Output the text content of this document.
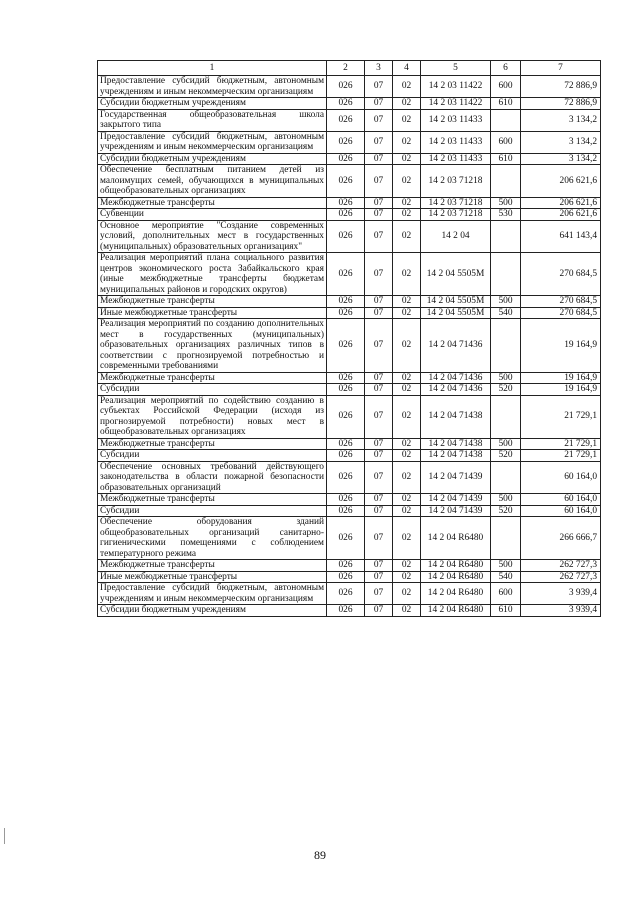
1	2	3	4	5	6	7
Предоставление субсидий бюджетным, автономным учреждениям и иным некоммерческим организациям	026	07	02	14 2 03 11422	600	72 886,9
Субсидии бюджетным учреждениям	026	07	02	14 2 03 11422	610	72 886,9
Государственная общеобразовательная школа закрытого типа	026	07	02	14 2 03 11433		3 134,2
Предоставление субсидий бюджетным, автономным учреждениям и иным некоммерческим организациям	026	07	02	14 2 03 11433	600	3 134,2
Субсидии бюджетным учреждениям	026	07	02	14 2 03 11433	610	3 134,2
Обеспечение бесплатным питанием детей из малоимущих семей, обучающихся в муниципальных общеобразовательных организациях	026	07	02	14 2 03 71218		206 621,6
Межбюджетные трансферты	026	07	02	14 2 03 71218	500	206 621,6
Субвенции	026	07	02	14 2 03 71218	530	206 621,6
Основное мероприятие "Создание современных условий, дополнительных мест в государственных (муниципальных) образовательных организациях"	026	07	02	14 2 04		641 143,4
Реализация мероприятий плана социального развития центров экономического роста Забайкальского края (иные межбюджетные трансферты бюджетам муниципальных районов и городских округов)	026	07	02	14 2 04 5505М		270 684,5
Межбюджетные трансферты	026	07	02	14 2 04 5505М	500	270 684,5
Иные межбюджетные трансферты	026	07	02	14 2 04 5505М	540	270 684,5
Реализация мероприятий по созданию дополнительных мест в государственных (муниципальных) образовательных организациях различных типов в соответствии с прогнозируемой потребностью и современными требованиями	026	07	02	14 2 04 71436		19 164,9
Межбюджетные трансферты	026	07	02	14 2 04 71436	500	19 164,9
Субсидии	026	07	02	14 2 04 71436	520	19 164,9
Реализация мероприятий по содействию созданию в субъектах Российской Федерации (исходя из прогнозируемой потребности) новых мест в общеобразовательных организациях	026	07	02	14 2 04 71438		21 729,1
Межбюджетные трансферты	026	07	02	14 2 04 71438	500	21 729,1
Субсидии	026	07	02	14 2 04 71438	520	21 729,1
Обеспечение основных требований действующего законодательства в области пожарной безопасности образовательных организаций	026	07	02	14 2 04 71439		60 164,0
Межбюджетные трансферты	026	07	02	14 2 04 71439	500	60 164,0
Субсидии	026	07	02	14 2 04 71439	520	60 164,0
Обеспечение оборудования зданий общеобразовательных организаций санитарно-гигиеническими помещениями с соблюдением температурного режима	026	07	02	14 2 04 R6480		266 666,7
Межбюджетные трансферты	026	07	02	14 2 04 R6480	500	262 727,3
Иные межбюджетные трансферты	026	07	02	14 2 04 R6480	540	262 727,3
Предоставление субсидий бюджетным, автономным учреждениям и иным некоммерческим организациям	026	07	02	14 2 04 R6480	600	3 939,4
Субсидии бюджетным учреждениям	026	07	02	14 2 04 R6480	610	3 939,4
89
